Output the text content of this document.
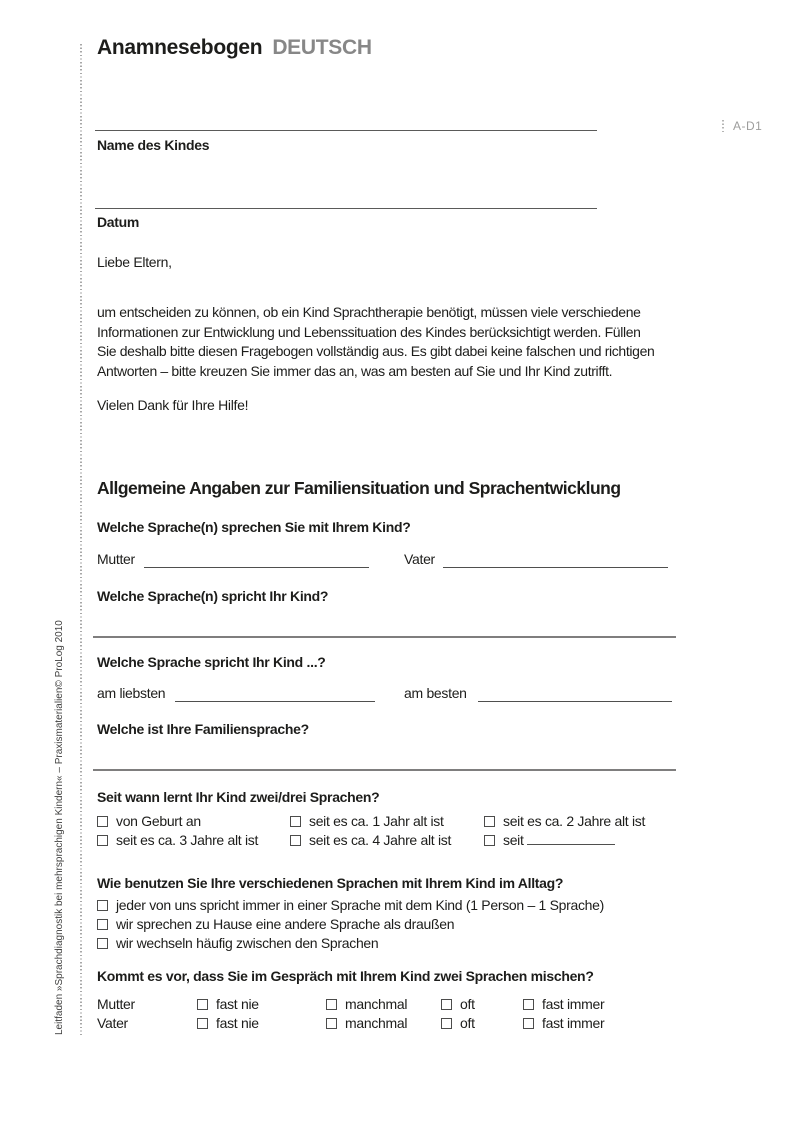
Leitfaden »Sprachdiagnostik bei mehrsprachigen Kindern« – Praxismaterialien
© ProLog 2010
Anamnesebogen DEUTSCH
A-D1
Name des Kindes
Datum
Liebe Eltern,
um entscheiden zu können, ob ein Kind Sprachtherapie benötigt, müssen viele verschiedene
Informationen zur Entwicklung und Lebenssituation des Kindes berücksichtigt werden. Füllen
Sie deshalb bitte diesen Fragebogen vollständig aus. Es gibt dabei keine falschen und richtigen
Antworten – bitte kreuzen Sie immer das an, was am besten auf Sie und Ihr Kind zutrifft.
Vielen Dank für Ihre Hilfe!
Allgemeine Angaben zur Familiensituation und Sprachentwicklung
Welche Sprache(n) sprechen Sie mit Ihrem Kind?
Mutter	Vater
Welche Sprache(n) spricht Ihr Kind?
Welche Sprache spricht Ihr Kind ...?
am liebsten	am besten
Welche ist Ihre Familiensprache?
Seit wann lernt Ihr Kind zwei/drei Sprachen?
von Geburt an	seit es ca. 1 Jahr alt ist	seit es ca. 2 Jahre alt ist
seit es ca. 3 Jahre alt ist	seit es ca. 4 Jahre alt ist	seit
Wie benutzen Sie Ihre verschiedenen Sprachen mit Ihrem Kind im Alltag?
jeder von uns spricht immer in einer Sprache mit dem Kind (1 Person – 1 Sprache)
wir sprechen zu Hause eine andere Sprache als draußen
wir wechseln häufig zwischen den Sprachen
Kommt es vor, dass Sie im Gespräch mit Ihrem Kind zwei Sprachen mischen?
Mutter	fast nie	manchmal	oft	fast immer
Vater	fast nie	manchmal	oft	fast immer
